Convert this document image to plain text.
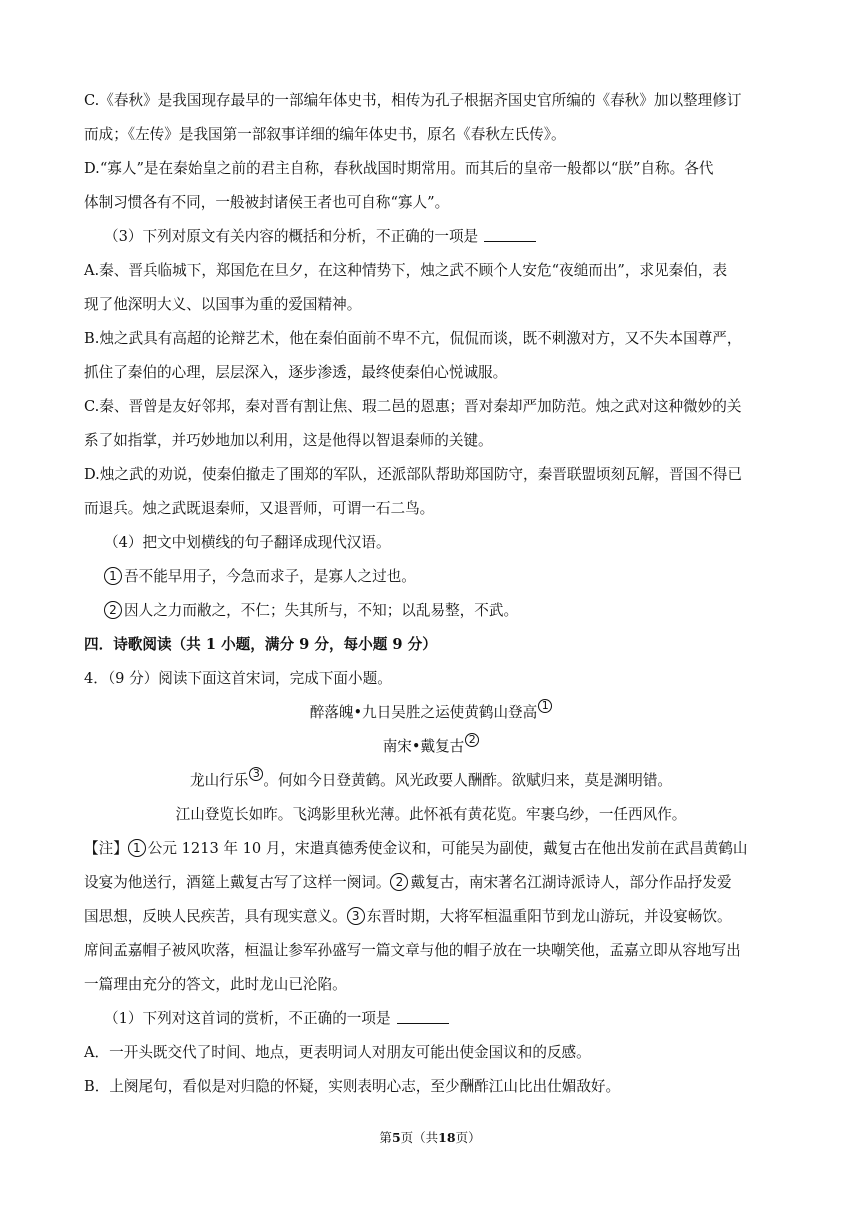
C.《春秋》是我国现存最早的一部编年体史书，相传为孔子根据齐国史官所编的《春秋》加以整理修订
而成；《左传》是我国第一部叙事详细的编年体史书，原名《春秋左氏传》。
D.“寡人”是在秦始皇之前的君主自称，春秋战国时期常用。而其后的皇帝一般都以“朕”自称。各代
体制习惯各有不同，一般被封诸侯王者也可自称“寡人”。
（3）下列对原文有关内容的概括和分析，不正确的一项是
A.秦、晋兵临城下，郑国危在旦夕，在这种情势下，烛之武不顾个人安危“夜缒而出”，求见秦伯，表
现了他深明大义、以国事为重的爱国精神。
B.烛之武具有高超的论辩艺术，他在秦伯面前不卑不亢，侃侃而谈，既不刺激对方，又不失本国尊严，
抓住了秦伯的心理，层层深入，逐步渗透，最终使秦伯心悦诚服。
C.秦、晋曾是友好邻邦，秦对晋有割让焦、瑕二邑的恩惠；晋对秦却严加防范。烛之武对这种微妙的关
系了如指掌，并巧妙地加以利用，这是他得以智退秦师的关键。
D.烛之武的劝说，使秦伯撤走了围郑的军队，还派部队帮助郑国防守，秦晋联盟顷刻瓦解，晋国不得已
而退兵。烛之武既退秦师，又退晋师，可谓一石二鸟。
（4）把文中划横线的句子翻译成现代汉语。
1 吾不能早用子，今急而求子，是寡人之过也。
2 因人之力而敝之，不仁；失其所与，不知；以乱易整，不武。
四．诗歌阅读（共 1 小题，满分 9 分，每小题 9 分）
4．（9 分）阅读下面这首宋词，完成下面小题。
醉落魄•九日吴胜之运使黄鹤山登高 1
南宋•戴复古 2
龙山行乐 3 。何如今日登黄鹤。风光政要人酬酢。欲赋归来，莫是渊明错。
江山登览长如昨。飞鸿影里秋光薄。此怀祇有黄花览。牢裹乌纱，一任西风作。
【注】 1 公元 1213 年 10 月，宋遣真德秀使金议和，可能吴为副使，戴复古在他出发前在武昌黄鹤山
设宴为他送行，酒筵上戴复古写了这样一阕词。 2 戴复古，南宋著名江湖诗派诗人，部分作品抒发爱
国思想，反映人民疾苦，具有现实意义。 3 东晋时期，大将军桓温重阳节到龙山游玩，并设宴畅饮。
席间孟嘉帽子被风吹落，桓温让参军孙盛写一篇文章与他的帽子放在一块嘲笑他，孟嘉立即从容地写出
一篇理由充分的答文，此时龙山已沦陷。
（1）下列对这首词的赏析，不正确的一项是
A．一开头既交代了时间、地点，更表明词人对朋友可能出使金国议和的反感。
B．上阕尾句，看似是对归隐的怀疑，实则表明心志，至少酬酢江山比出仕媚敌好。
第5页（共18页）
